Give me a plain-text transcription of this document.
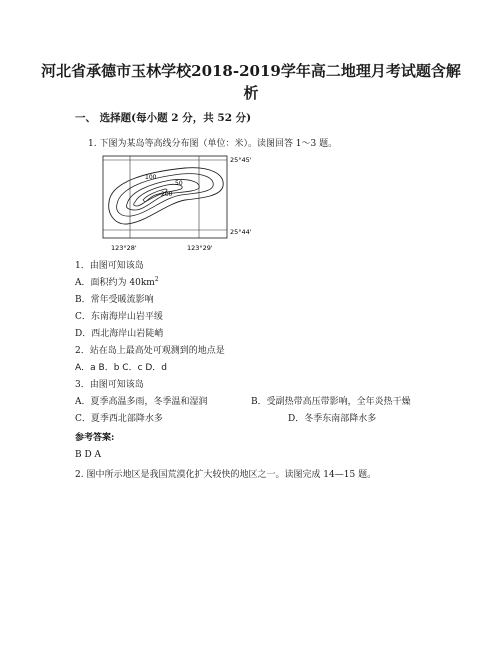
河北省承德市玉林学校2018-2019学年高二地理月考试题含解析
一、 选择题(每小题 2 分，共 52 分)
1. 下图为某岛等高线分布图（单位：米）。读图回答 1～3 题。
100
200
50
25°45'
25°44'
123°28'	123°29'
1．由图可知该岛
A．面积约为 $40km^2$
B．常年受暖流影响
C．东南海岸山岩平缓
D．西北海岸山岩陡峭
2．站在岛上最高处可观测到的地点是
A．a B．b C．c D．d
3．由图可知该岛
A．夏季高温多雨，冬季温和湿润	B．受副热带高压带影响，全年炎热干燥
C．夏季西北部降水多	D．冬季东南部降水多
参考答案:
B D A
2. 图中所示地区是我国荒漠化扩大较快的地区之一。读图完成 14—15 题。
